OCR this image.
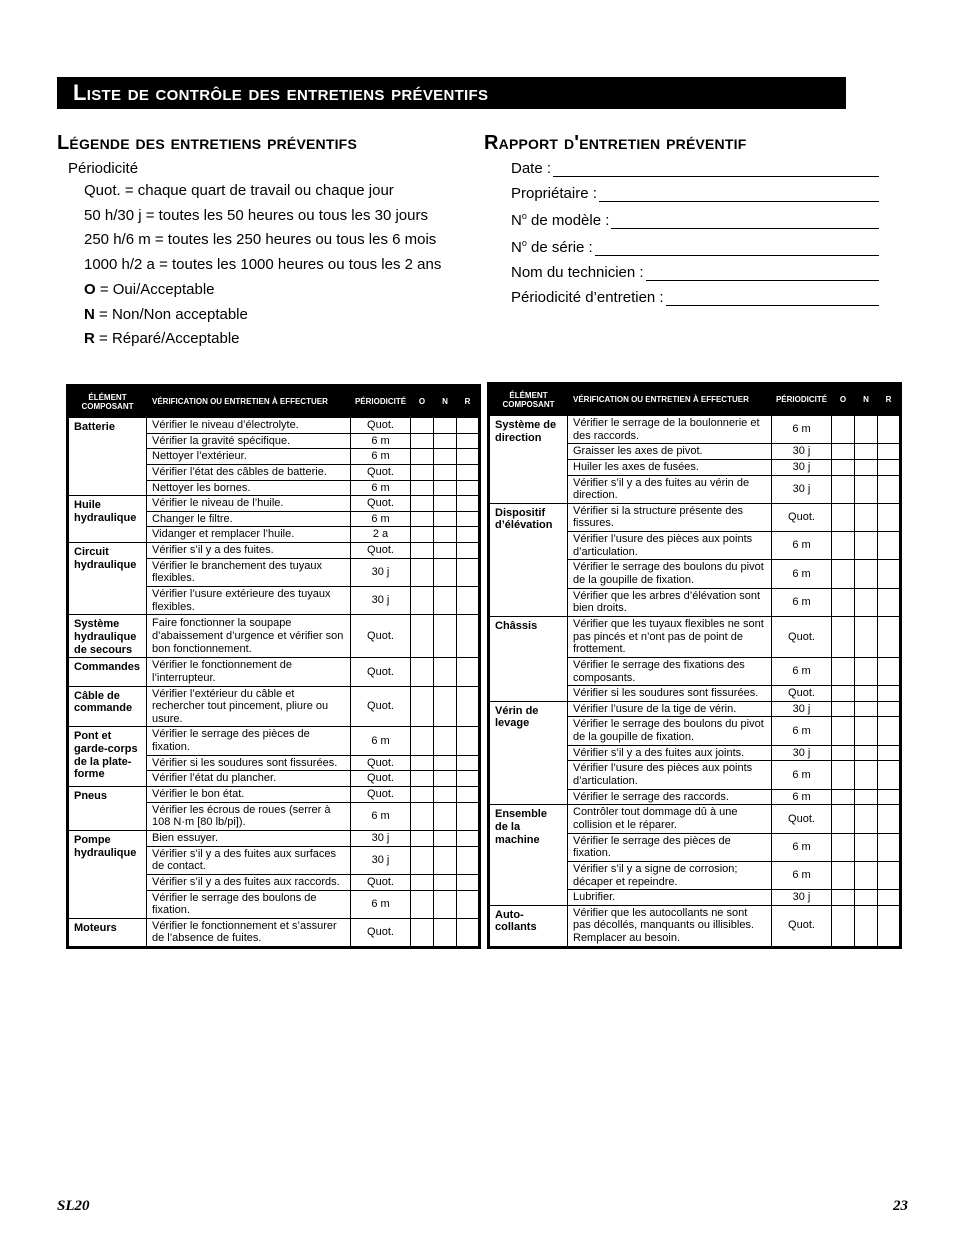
Liste de contrôle des entretiens préventifs
Légende des entretiens préventifs
Périodicité
Quot. = chaque quart de travail ou chaque jour
50 h/30 j = toutes les 50 heures ou tous les 30 jours
250 h/6 m = toutes les 250 heures ou tous les 6 mois
1000 h/2 a = toutes les 1000 heures ou tous les 2 ans
O = Oui/Acceptable
N = Non/Non acceptable
R = Réparé/Acceptable
Rapport d'entretien préventif
Date :
Propriétaire :
$N^o$ de modèle :
$N^o$ de série :
Nom du technicien :
Périodicité d’entretien :
ÉLÉMENT COMPOSANT	VÉRIFICATION OU ENTRETIEN À EFFECTUER	PÉRIODICITÉ	O	N	R
Batterie	Vérifier le niveau d’électrolyte.	Quot.			
	Vérifier la gravité spécifique.	6 m			
	Nettoyer l’extérieur.	6 m			
	Vérifier l’état des câbles de batterie.	Quot.			
	Nettoyer les bornes.	6 m			
Huile hydraulique	Vérifier le niveau de l’huile.	Quot.			
	Changer le filtre.	6 m			
	Vidanger et remplacer l’huile.	2 a			
Circuit hydraulique	Vérifier s’il y a des fuites.	Quot.			
	Vérifier le branchement des tuyaux flexibles.	30 j			
	Vérifier l’usure extérieure des tuyaux flexibles.	30 j			
Système hydraulique de secours	Faire fonctionner la soupape d’abaissement d’urgence et vérifier son bon fonctionnement.	Quot.			
Commandes	Vérifier le fonctionnement de l’interrupteur.	Quot.			
Câble de commande	Vérifier l’extérieur du câble et rechercher tout pincement, pliure ou usure.	Quot.			
Pont et garde-corps de la plate-forme	Vérifier le serrage des pièces de fixation.	6 m			
	Vérifier si les soudures sont fissurées.	Quot.			
	Vérifier l’état du plancher.	Quot.			
Pneus	Vérifier le bon état.	Quot.			
	Vérifier les écrous de roues (serrer à 108 N·m [80 lb/pi]).	6 m			
Pompe hydraulique	Bien essuyer.	30 j			
	Vérifier s’il y a des fuites aux surfaces de contact.	30 j			
	Vérifier s’il y a des fuites aux raccords.	Quot.			
	Vérifier le serrage des boulons de fixation.	6 m			
Moteurs	Vérifier le fonctionnement et s’assurer de l’absence de fuites.	Quot.			
ÉLÉMENT COMPOSANT	VÉRIFICATION OU ENTRETIEN À EFFECTUER	PÉRIODICITÉ	O	N	R
Système de direction	Vérifier le serrage de la boulonnerie et des raccords.	6 m			
	Graisser les axes de pivot.	30 j			
	Huiler les axes de fusées.	30 j			
	Vérifier s’il y a des fuites au vérin de direction.	30 j			
Dispositif d’élévation	Vérifier si la structure présente des fissures.	Quot.			
	Vérifier l’usure des pièces aux points d’articulation.	6 m			
	Vérifier le serrage des boulons du pivot de la goupille de fixation.	6 m			
	Vérifier que les arbres d’élévation sont bien droits.	6 m			
Châssis	Vérifier que les tuyaux flexibles ne sont pas pincés et n’ont pas de point de frottement.	Quot.			
	Vérifier le serrage des fixations des composants.	6 m			
	Vérifier si les soudures sont fissurées.	Quot.			
Vérin de levage	Vérifier l’usure de la tige de vérin.	30 j			
	Vérifier le serrage des boulons du pivot de la goupille de fixation.	6 m			
	Vérifier s’il y a des fuites aux joints.	30 j			
	Vérifier l’usure des pièces aux points d’articulation.	6 m			
	Vérifier le serrage des raccords.	6 m			
Ensemble de la machine	Contrôler tout dommage dû à une collision et le réparer.	Quot.			
	Vérifier le serrage des pièces de fixation.	6 m			
	Vérifier s’il y a signe de corrosion; décaper et repeindre.	6 m			
	Lubrifier.	30 j			
Auto-collants	Vérifier que les autocollants ne sont pas décollés, manquants ou illisibles. Remplacer au besoin.	Quot.			
SL20	23
